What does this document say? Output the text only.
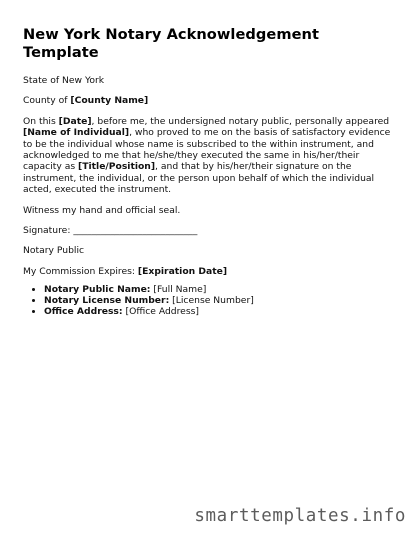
New York Notary Acknowledgement Template

State of New York

County of [County Name]

On this [Date], before me, the undersigned notary public, personally appeared [Name of Individual], who proved to me on the basis of satisfactory evidence to be the individual whose name is subscribed to the within instrument, and acknowledged to me that he/she/they executed the same in his/her/their capacity as [Title/Position], and that by his/her/their signature on the instrument, the individual, or the person upon behalf of which the individual acted, executed the instrument.

Witness my hand and official seal.

Signature: ___________________________

Notary Public

My Commission Expires: [Expiration Date]

• Notary Public Name: [Full Name]
• Notary License Number: [License Number]
• Office Address: [Office Address]
smarttemplates.info
